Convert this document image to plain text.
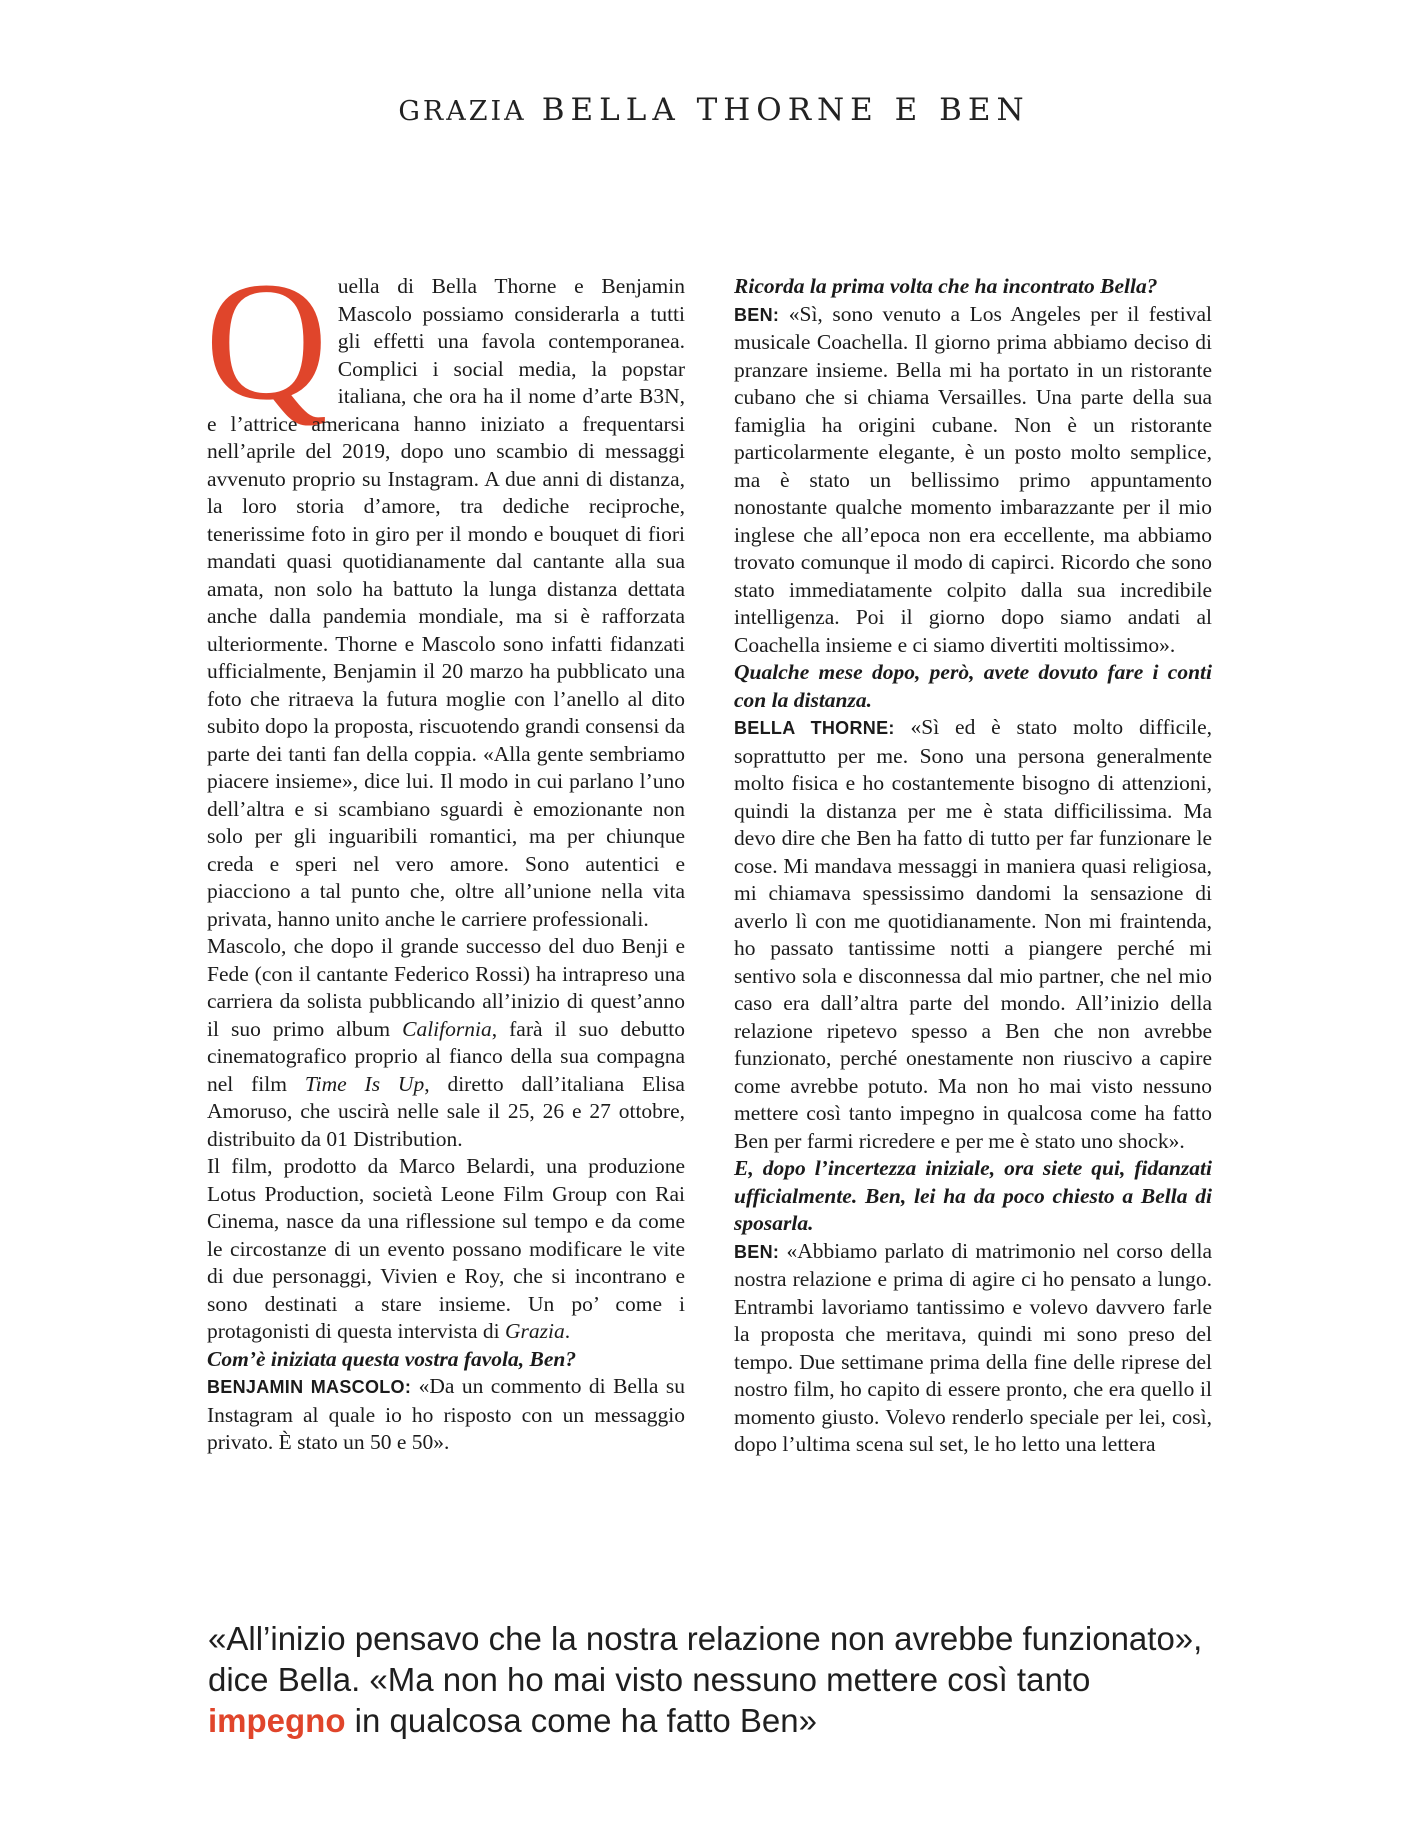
GRAZIA BELLA THORNE E BEN

Quella di Bella Thorne e Benjamin Mascolo possiamo considerarla a tutti gli effetti una favola contemporanea. Complici i social media, la popstar italiana, che ora ha il nome d’arte B3N, e l’attrice americana hanno iniziato a frequentarsi nell’aprile del 2019, dopo uno scambio di messaggi avvenuto proprio su Instagram. A due anni di distanza, la loro storia d’amore, tra dediche reciproche, tenerissime foto in giro per il mondo e bouquet di fiori mandati quasi quotidianamente dal cantante alla sua amata, non solo ha battuto la lunga distanza dettata anche dalla pandemia mondiale, ma si è rafforzata ulteriormente. Thorne e Mascolo sono infatti fidanzati ufficialmente, Benjamin il 20 marzo ha pubblicato una foto che ritraeva la futura moglie con l’anello al dito subito dopo la proposta, riscuotendo grandi consensi da parte dei tanti fan della coppia. «Alla gente sembriamo piacere insieme», dice lui. Il modo in cui parlano l’uno dell’altra e si scambiano sguardi è emozionante non solo per gli inguaribili romantici, ma per chiunque creda e speri nel vero amore. Sono autentici e piacciono a tal punto che, oltre all’unione nella vita privata, hanno unito anche le carriere professionali.

Mascolo, che dopo il grande successo del duo Benji e Fede (con il cantante Federico Rossi) ha intrapreso una carriera da solista pubblicando all’inizio di quest’anno il suo primo album California, farà il suo debutto cinematografico proprio al fianco della sua compagna nel film Time Is Up, diretto dall’italiana Elisa Amoruso, che uscirà nelle sale il 25, 26 e 27 ottobre, distribuito da 01 Distribution.

Il film, prodotto da Marco Belardi, una produzione Lotus Production, società Leone Film Group con Rai Cinema, nasce da una riflessione sul tempo e da come le circostanze di un evento possano modificare le vite di due personaggi, Vivien e Roy, che si incontrano e sono destinati a stare insieme. Un po’ come i protagonisti di questa intervista di Grazia.

Com’è iniziata questa vostra favola, Ben?

BENJAMIN MASCOLO: «Da un commento di Bella su Instagram al quale io ho risposto con un messaggio privato. È stato un 50 e 50».

Ricorda la prima volta che ha incontrato Bella?

BEN: «Sì, sono venuto a Los Angeles per il festival musicale Coachella. Il giorno prima abbiamo deciso di pranzare insieme. Bella mi ha portato in un ristorante cubano che si chiama Versailles. Una parte della sua famiglia ha origini cubane. Non è un ristorante particolarmente elegante, è un posto molto semplice, ma è stato un bellissimo primo appuntamento nonostante qualche momento imbarazzante per il mio inglese che all’epoca non era eccellente, ma abbiamo trovato comunque il modo di capirci. Ricordo che sono stato immediatamente colpito dalla sua incredibile intelligenza. Poi il giorno dopo siamo andati al Coachella insieme e ci siamo divertiti moltissimo».

Qualche mese dopo, però, avete dovuto fare i conti con la distanza.

BELLA THORNE: «Sì ed è stato molto difficile, soprattutto per me. Sono una persona generalmente molto fisica e ho costantemente bisogno di attenzioni, quindi la distanza per me è stata difficilissima. Ma devo dire che Ben ha fatto di tutto per far funzionare le cose. Mi mandava messaggi in maniera quasi religiosa, mi chiamava spessissimo dandomi la sensazione di averlo lì con me quotidianamente. Non mi fraintenda, ho passato tantissime notti a piangere perché mi sentivo sola e disconnessa dal mio partner, che nel mio caso era dall’altra parte del mondo. All’inizio della relazione ripetevo spesso a Ben che non avrebbe funzionato, perché onestamente non riuscivo a capire come avrebbe potuto. Ma non ho mai visto nessuno mettere così tanto impegno in qualcosa come ha fatto Ben per farmi ricredere e per me è stato uno shock».

E, dopo l’incertezza iniziale, ora siete qui, fidanzati ufficialmente. Ben, lei ha da poco chiesto a Bella di sposarla.

BEN: «Abbiamo parlato di matrimonio nel corso della nostra relazione e prima di agire ci ho pensato a lungo. Entrambi lavoriamo tantissimo e volevo davvero farle la proposta che meritava, quindi mi sono preso del tempo. Due settimane prima della fine delle riprese del nostro film, ho capito di essere pronto, che era quello il momento giusto. Volevo renderlo speciale per lei, così, dopo l’ultima scena sul set, le ho letto una lettera

«All’inizio pensavo che la nostra relazione non avrebbe funzionato», dice Bella. «Ma non ho mai visto nessuno mettere così tanto impegno in qualcosa come ha fatto Ben»
